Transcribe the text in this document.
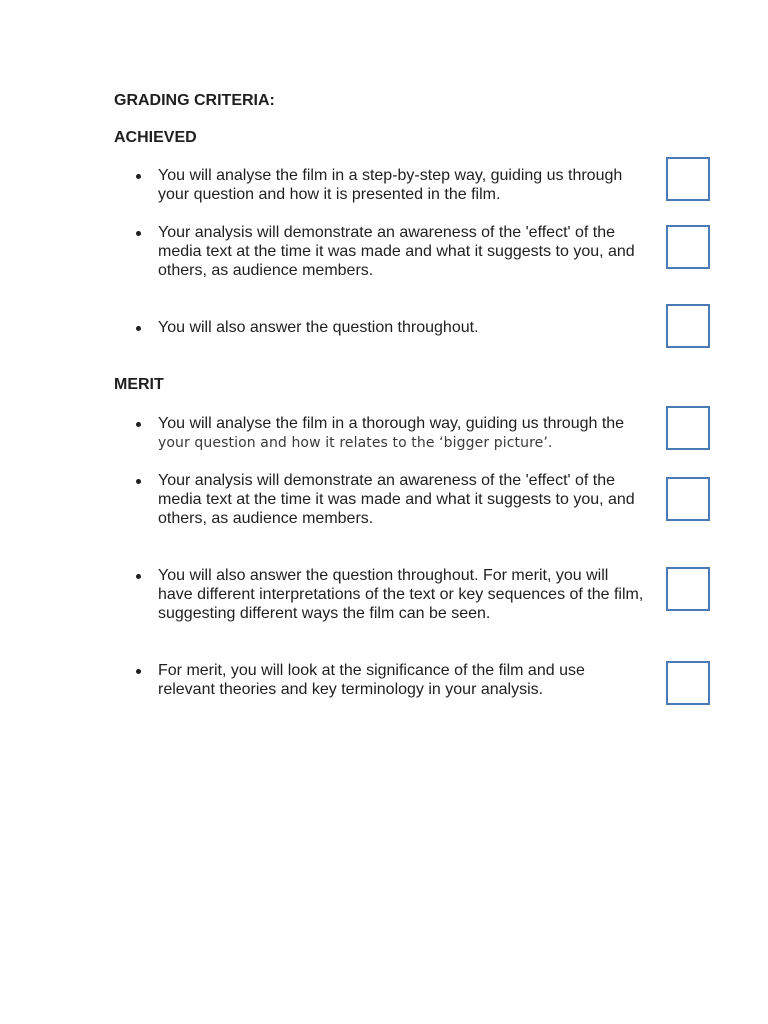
GRADING CRITERIA:
ACHIEVED

You will analyse the film in a step-by-step way, guiding us through
your question and how it is presented in the film.

Your analysis will demonstrate an awareness of the 'effect' of the
media text at the time it was made and what it suggests to you, and
others, as audience members.

You will also answer the question throughout.

MERIT

You will analyse the film in a thorough way, guiding us through the
your question and how it relates to the ‘bigger picture’.

Your analysis will demonstrate an awareness of the 'effect' of the
media text at the time it was made and what it suggests to you, and
others, as audience members.

You will also answer the question throughout. For merit, you will
have different interpretations of the text or key sequences of the film,
suggesting different ways the film can be seen.

For merit, you will look at the significance of the film and use
relevant theories and key terminology in your analysis.
